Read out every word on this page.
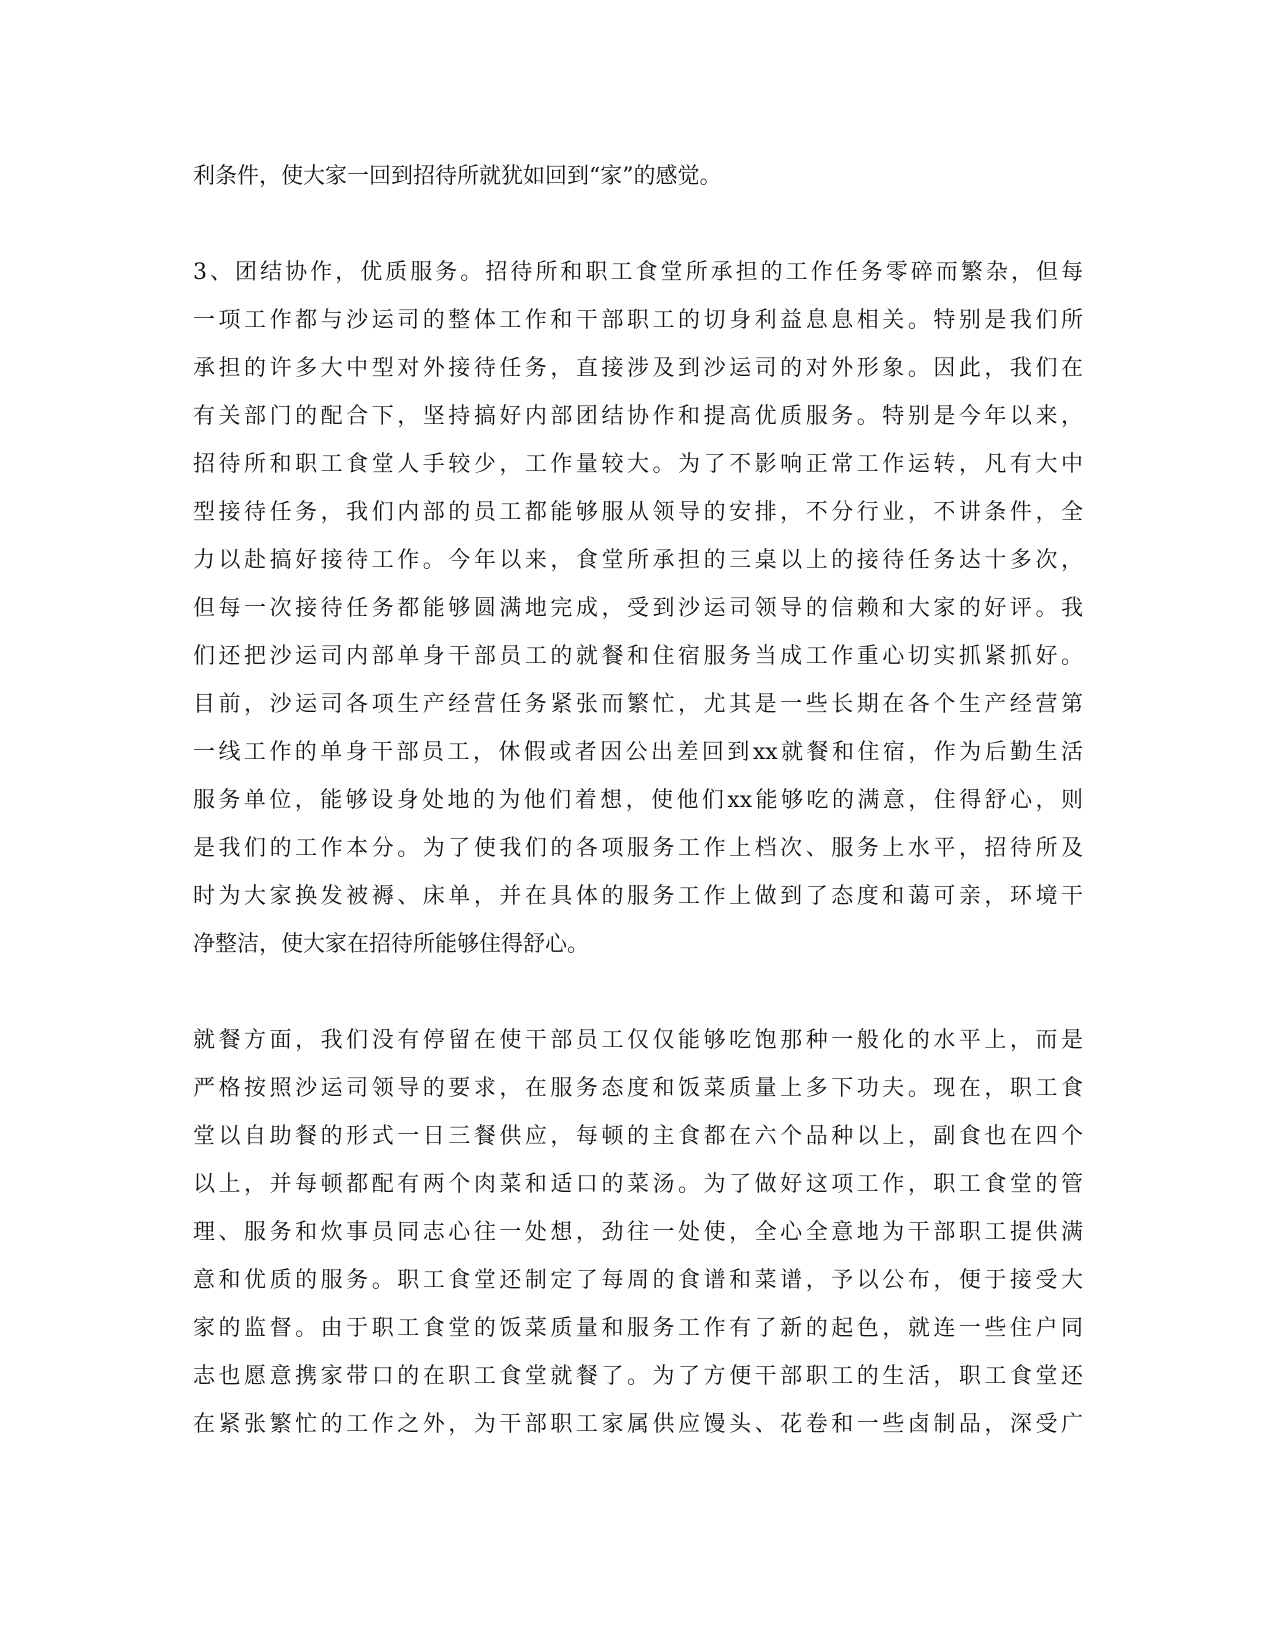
利条件，使大家一回到招待所就犹如回到“家”的感觉。
3、团结协作，优质服务。招待所和职工食堂所承担的工作任务零碎而繁杂，但每
一项工作都与沙运司的整体工作和干部职工的切身利益息息相关。特别是我们所
承担的许多大中型对外接待任务，直接涉及到沙运司的对外形象。因此，我们在
有关部门的配合下，坚持搞好内部团结协作和提高优质服务。特别是今年以来，
招待所和职工食堂人手较少，工作量较大。为了不影响正常工作运转，凡有大中
型接待任务，我们内部的员工都能够服从领导的安排，不分行业，不讲条件，全
力以赴搞好接待工作。今年以来，食堂所承担的三桌以上的接待任务达十多次，
但每一次接待任务都能够圆满地完成，受到沙运司领导的信赖和大家的好评。我
们还把沙运司内部单身干部员工的就餐和住宿服务当成工作重心切实抓紧抓好。
目前，沙运司各项生产经营任务紧张而繁忙，尤其是一些长期在各个生产经营第
一线工作的单身干部员工，休假或者因公出差回到xx就餐和住宿，作为后勤生活
服务单位，能够设身处地的为他们着想，使他们xx能够吃的满意，住得舒心，则
是我们的工作本分。为了使我们的各项服务工作上档次、服务上水平，招待所及
时为大家换发被褥、床单，并在具体的服务工作上做到了态度和蔼可亲，环境干
净整洁，使大家在招待所能够住得舒心。
就餐方面，我们没有停留在使干部员工仅仅能够吃饱那种一般化的水平上，而是
严格按照沙运司领导的要求，在服务态度和饭菜质量上多下功夫。现在，职工食
堂以自助餐的形式一日三餐供应，每顿的主食都在六个品种以上，副食也在四个
以上，并每顿都配有两个肉菜和适口的菜汤。为了做好这项工作，职工食堂的管
理、服务和炊事员同志心往一处想，劲往一处使，全心全意地为干部职工提供满
意和优质的服务。职工食堂还制定了每周的食谱和菜谱，予以公布，便于接受大
家的监督。由于职工食堂的饭菜质量和服务工作有了新的起色，就连一些住户同
志也愿意携家带口的在职工食堂就餐了。为了方便干部职工的生活，职工食堂还
在紧张繁忙的工作之外，为干部职工家属供应馒头、花卷和一些卤制品，深受广
